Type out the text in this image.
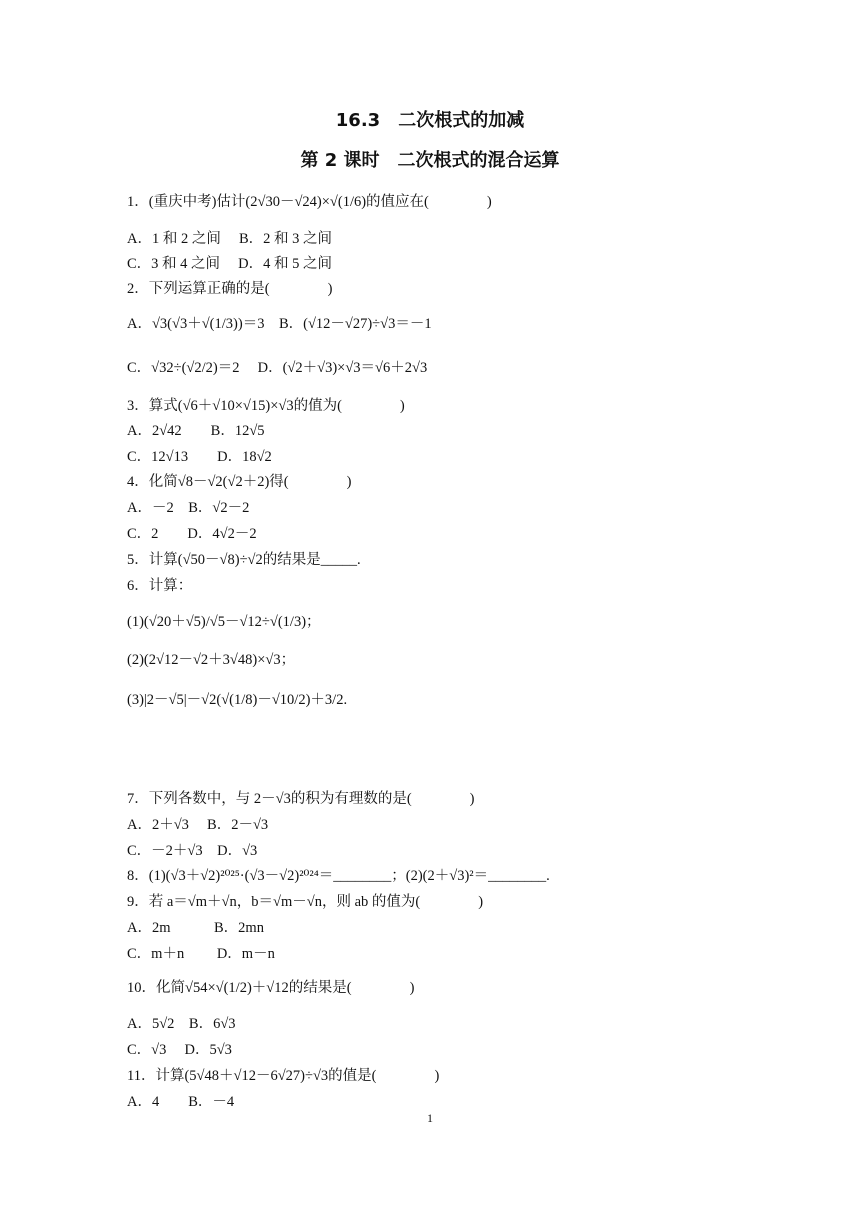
16.3　二次根式的加减
第 2 课时　二次根式的混合运算
1．(重庆中考)估计(2√30－√24)×√(1/6)的值应在(　　　　)
A．1 和 2 之间　 B．2 和 3 之间
C．3 和 4 之间　 D．4 和 5 之间
2．下列运算正确的是(　　　　)
A．√3(√3＋√(1/3))＝3　B．(√12－√27)÷√3＝－1
C．√32÷(√2/2)＝2　 D．(√2＋√3)×√3＝√6＋2√3
3．算式(√6＋√10×√15)×√3的值为(　　　　)
A．2√42　　B．12√5
C．12√13　　D．18√2
4．化简√8－√2(√2＋2)得(　　　　)
A．－2　B．√2－2
C．2　　D．4√2－2
5．计算(√50－√8)÷√2的结果是_____.
6．计算：
(1)(√20＋√5)/√5－√12÷√(1/3)；
(2)(2√12－√2＋3√48)×√3；
(3)|2－√5|－√2(√(1/8)－√10/2)＋3/2.
7．下列各数中，与 2－√3的积为有理数的是(　　　　)
A．2＋√3　 B．2－√3
C．－2＋√3　D．√3
8．(1)(√3＋√2)²⁰²⁵·(√3－√2)²⁰²⁴＝________；(2)(2＋√3)²＝________.
9．若 a＝√m＋√n，b＝√m－√n，则 ab 的值为(　　　　)
A．2m　　　B．2mn
C．m＋n　　 D．m－n
10．化简√54×√(1/2)＋√12的结果是(　　　　)
A．5√2　B．6√3
C．√3　 D．5√3
11．计算(5√48＋√12－6√27)÷√3的值是(　　　　)
A．4　　B．－4
1
